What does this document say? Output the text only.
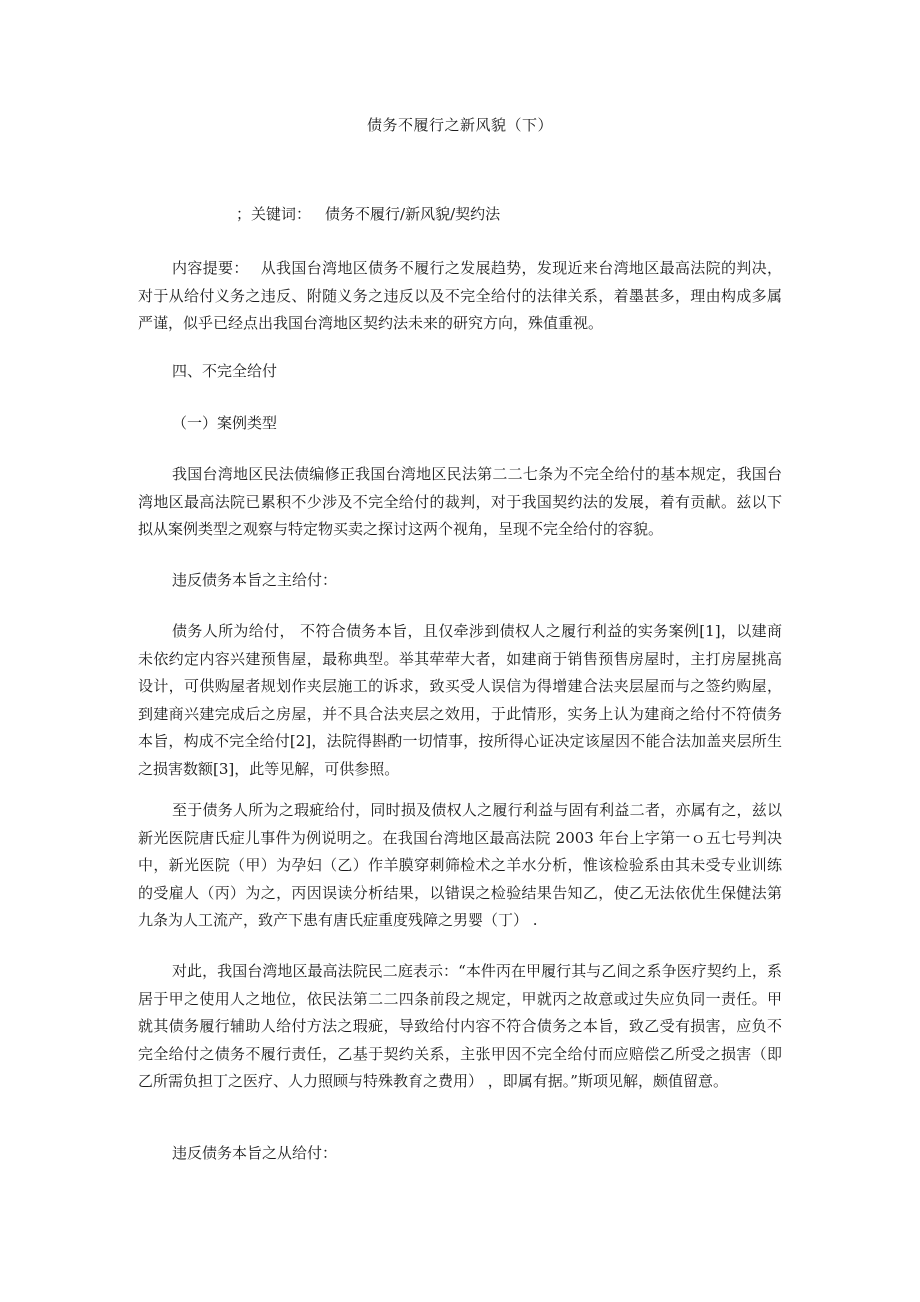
债务不履行之新风貌（下）
；关键词： 债务不履行/新风貌/契约法

内容提要： 从我国台湾地区债务不履行之发展趋势，发现近来台湾地区最高法院的判决，对于从给付义务之违反、附随义务之违反以及不完全给付的法律关系，着墨甚多，理由构成多属严谨，似乎已经点出我国台湾地区契约法未来的研究方向，殊值重视。

四、不完全给付

（一）案例类型

我国台湾地区民法债编修正我国台湾地区民法第二二七条为不完全给付的基本规定，我国台湾地区最高法院已累积不少涉及不完全给付的裁判，对于我国契约法的发展，着有贡献。兹以下拟从案例类型之观察与特定物买卖之探讨这两个视角，呈现不完全给付的容貌。

违反债务本旨之主给付：

债务人所为给付， 不符合债务本旨，且仅牵涉到债权人之履行利益的实务案例[1]，以建商未依约定内容兴建预售屋，最称典型。举其荦荦大者，如建商于销售预售房屋时，主打房屋挑高设计，可供购屋者规划作夹层施工的诉求，致买受人误信为得增建合法夹层屋而与之签约购屋，到建商兴建完成后之房屋，并不具合法夹层之效用，于此情形，实务上认为建商之给付不符债务本旨，构成不完全给付[2]，法院得斟酌一切情事，按所得心证决定该屋因不能合法加盖夹层所生之损害数额[3]，此等见解，可供参照。

至于债务人所为之瑕疵给付，同时损及债权人之履行利益与固有利益二者，亦属有之，兹以新光医院唐氏症儿事件为例说明之。在我国台湾地区最高法院 2003 年台上字第一ｏ五七号判决中，新光医院（甲）为孕妇（乙）作羊膜穿刺筛检术之羊水分析，惟该检验系由其未受专业训练的受雇人（丙）为之，丙因误读分析结果，以错误之检验结果告知乙，使乙无法依优生保健法第九条为人工流产，致产下患有唐氏症重度残障之男婴（丁） .

对此，我国台湾地区最高法院民二庭表示：“本件丙在甲履行其与乙间之系争医疗契约上，系居于甲之使用人之地位，依民法第二二四条前段之规定，甲就丙之故意或过失应负同一责任。甲就其债务履行辅助人给付方法之瑕疵，导致给付内容不符合债务之本旨，致乙受有损害，应负不完全给付之债务不履行责任，乙基于契约关系，主张甲因不完全给付而应赔偿乙所受之损害（即乙所需负担丁之医疗、人力照顾与特殊教育之费用） ，即属有据。”斯项见解，颇值留意。

违反债务本旨之从给付：
